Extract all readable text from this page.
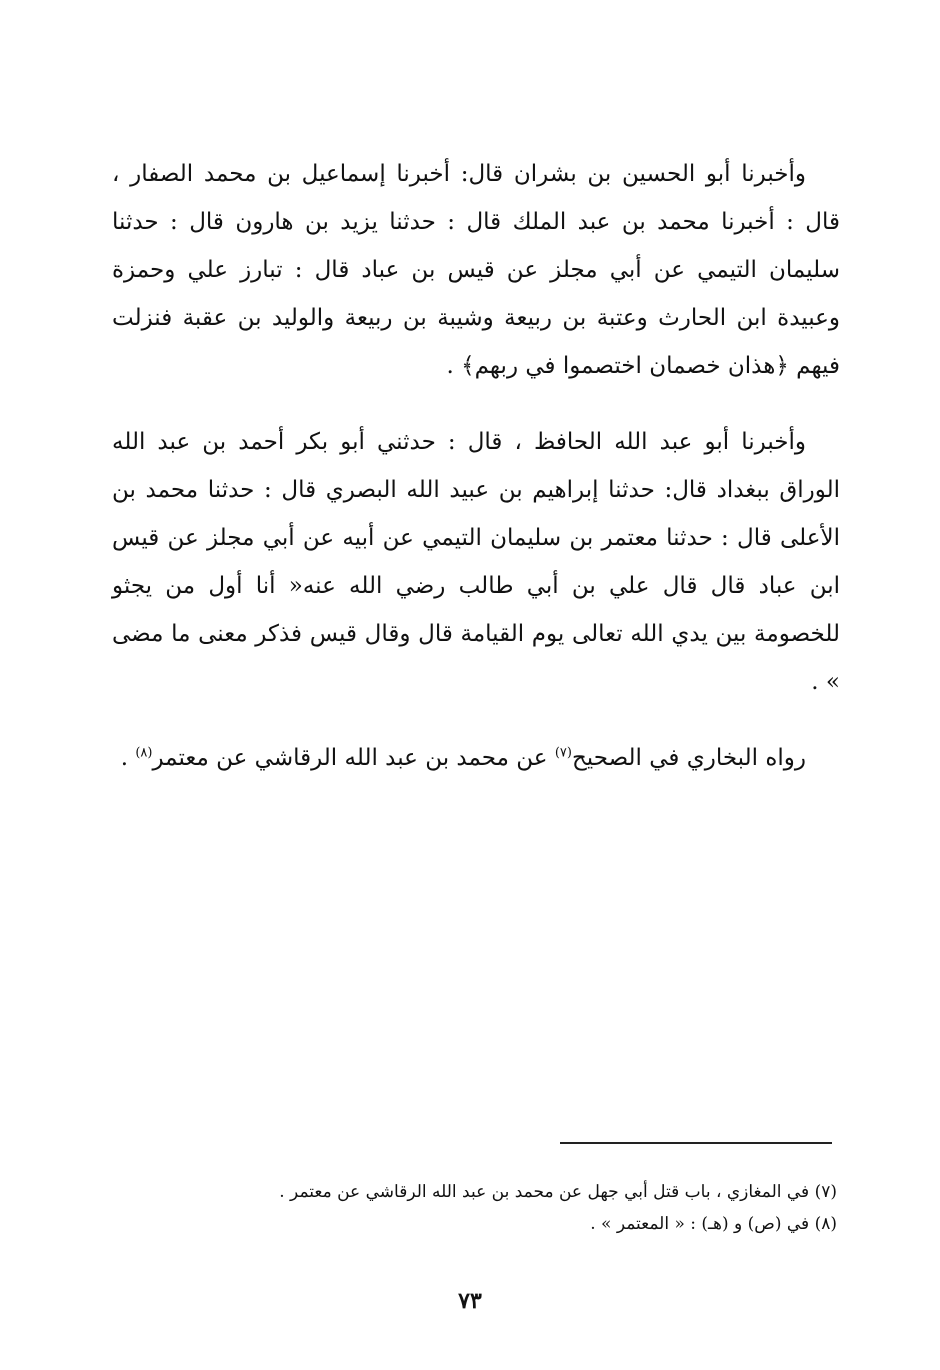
وأخبرنا أبو الحسين بن بشران قال: أخبرنا إسماعيل بن محمد الصفار ، قال : أخبرنا محمد بن عبد الملك قال : حدثنا يزيد بن هارون قال : حدثنا سليمان التيمي عن أبي مجلز عن قيس بن عباد قال : تبارز علي وحمزة وعبيدة ابن الحارث وعتبة بن ربيعة وشيبة بن ربيعة والوليد بن عقبة فنزلت فيهم ﴿هذان خصمان اختصموا في ربهم﴾ .

وأخبرنا أبو عبد الله الحافظ ، قال : حدثني أبو بكر أحمد بن عبد الله الوراق ببغداد قال: حدثنا إبراهيم بن عبيد الله البصري قال : حدثنا محمد بن الأعلى قال : حدثنا معتمر بن سليمان التيمي عن أبيه عن أبي مجلز عن قيس ابن عباد قال قال علي بن أبي طالب رضي الله عنه« أنا أول من يجثو للخصومة بين يدي الله تعالى يوم القيامة قال وقال قيس فذكر معنى ما مضى » .

رواه البخاري في الصحيح$^{(٧)}$ عن محمد بن عبد الله الرقاشي عن معتمر$^{(٨)}$ .

(٧) في المغازي ، باب قتل أبي جهل عن محمد بن عبد الله الرقاشي عن معتمر .

(٨) في (ص) و (هـ) : « المعتمر » .

٧٣
